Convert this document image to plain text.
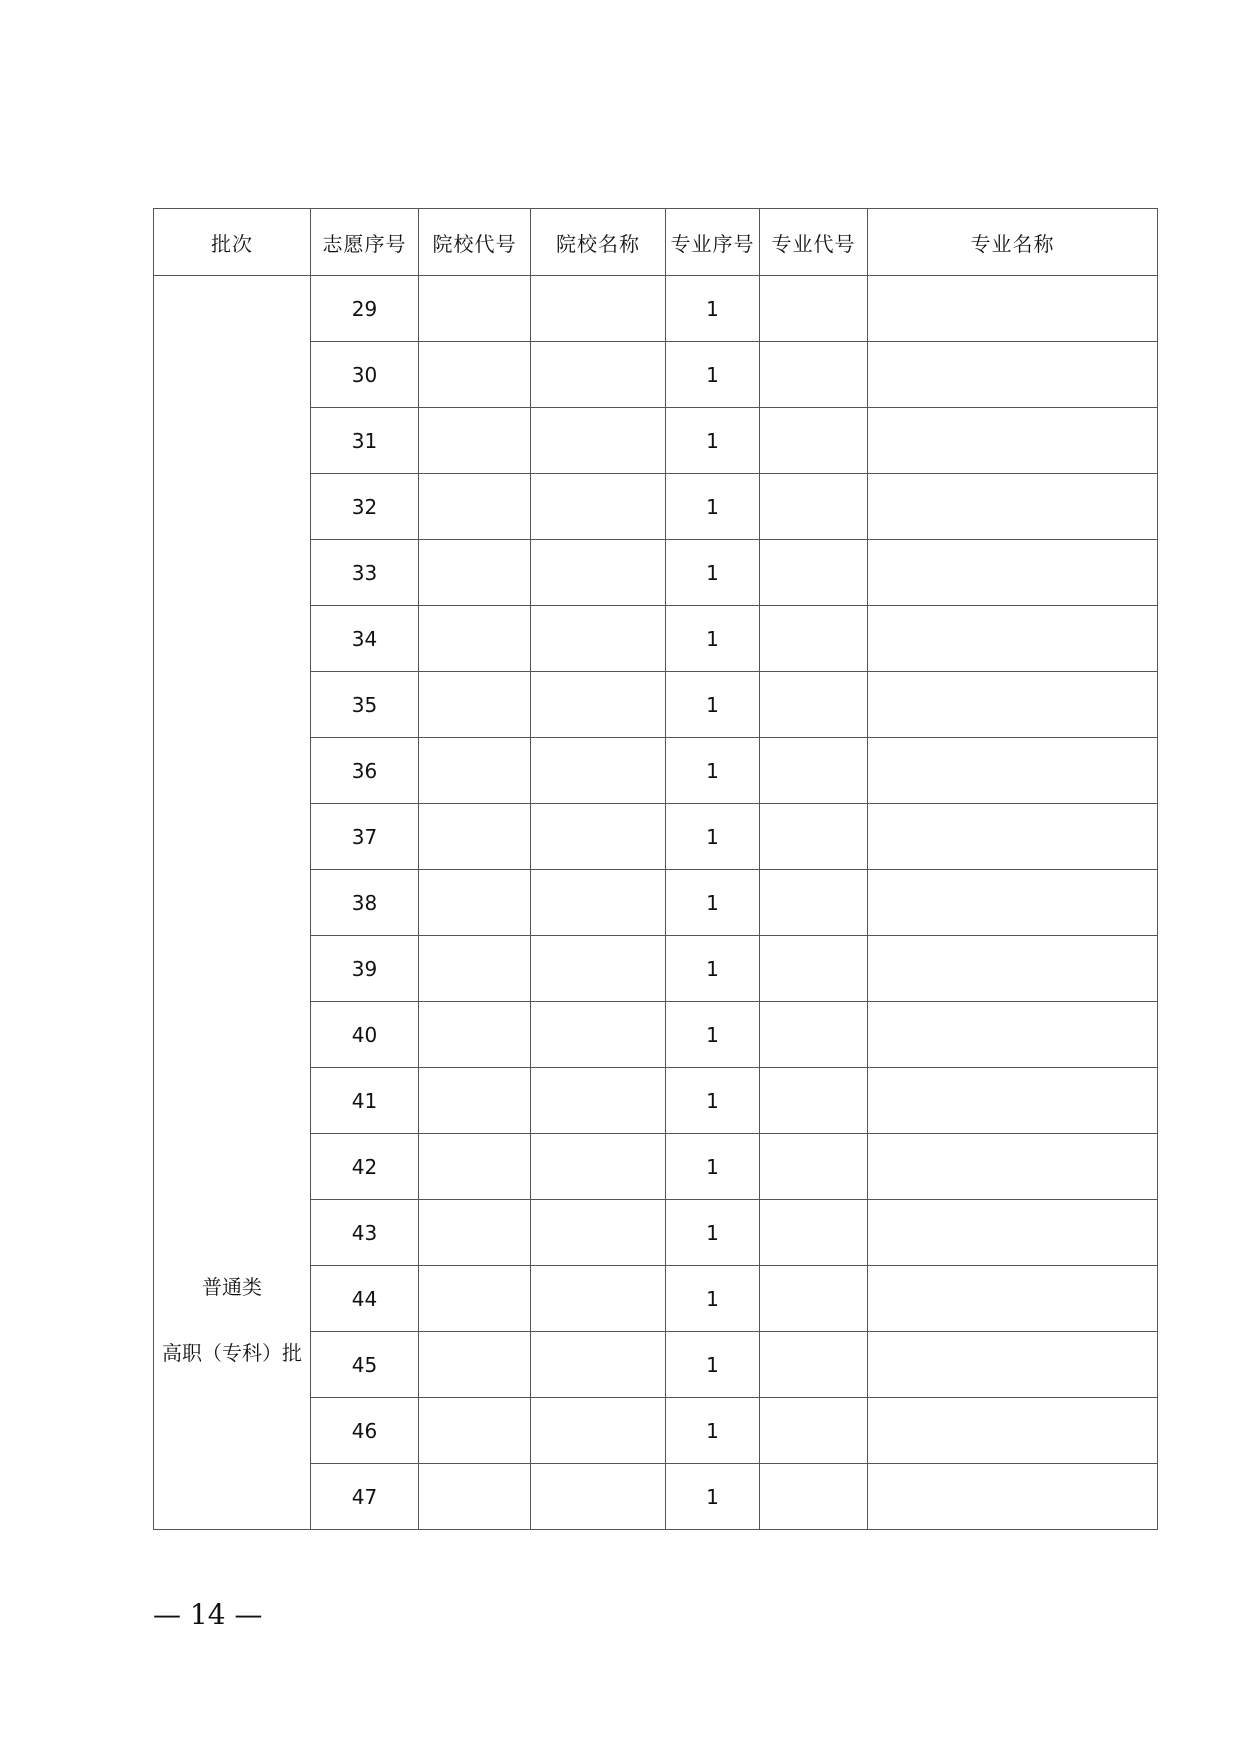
批次	志愿序号	院校代号	院校名称	专业序号	专业代号	专业名称

普通类
高职（专科）批	29			1		
	30			1		
	31			1		
	32			1		
	33			1		
	34			1		
	35			1		
	36			1		
	37			1		
	38			1		
	39			1		
	40			1		
	41			1		
	42			1		
	43			1		
	44			1		
	45			1		
	46			1		
	47			1		
— 14 —
